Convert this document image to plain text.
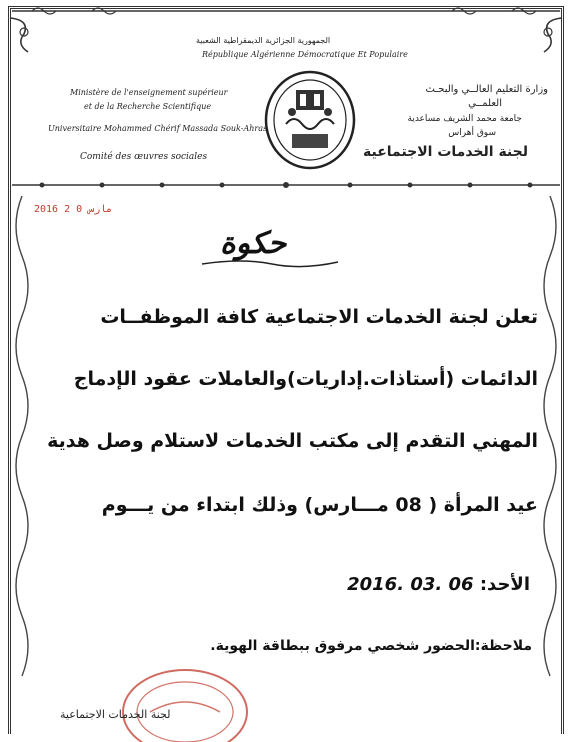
الجمهورية الجزائرية الديمقراطية الشعبية
République Algérienne Démocratique Et Populaire
Ministère de l'enseignement supérieur
et de la Recherche Scientifique
Universitaire Mohammed Chérif Massada Souk-Ahras
Comité des œuvres sociales
وزارة التعليم العالــي والبحـث
العلمــي
جامعة محمد الشريف مساعدية
سوق أهراس
لجنة الخدمات الاجتماعية
2016 مارس 0 2
حكوة
تعلن لجنة الخدمات الاجتماعية كافة الموظفــات
الدائمات (أستاذات.إداريات)والعاملات عقود الإدماج
المهني التقدم إلى مكتب الخدمات لاستلام وصل هدية
عيد المرأة ( 08 مـــارس) وذلك ابتداء من يـــوم
الأحد: 06 .03 .2016
ملاحظة:الحضور شخصي مرفوق ببطاقة الهوية.
لجنة الخدمات الاجتماعية
